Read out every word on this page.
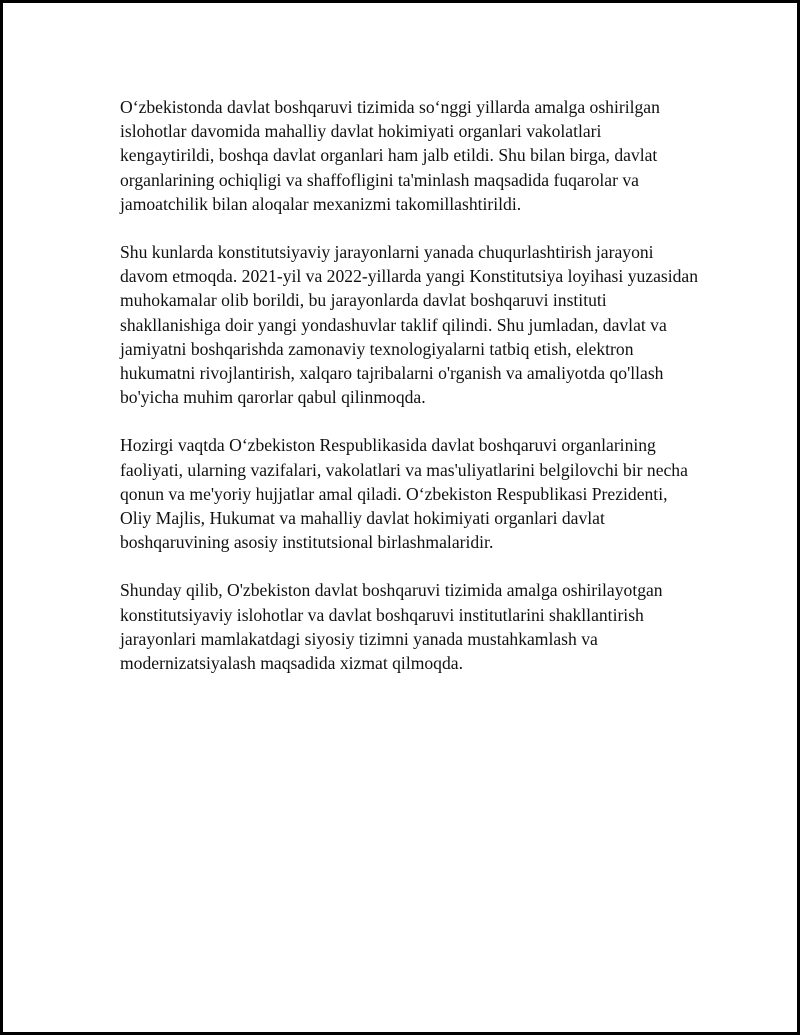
O‘zbekistonda davlat boshqaruvi tizimida so‘nggi yillarda amalga oshirilgan islohotlar davomida mahalliy davlat hokimiyati organlari vakolatlari kengaytirildi, boshqa davlat organlari ham jalb etildi. Shu bilan birga, davlat organlarining ochiqligi va shaffofligini ta'minlash maqsadida fuqarolar va jamoatchilik bilan aloqalar mexanizmi takomillashtirildi.

Shu kunlarda konstitutsiyaviy jarayonlarni yanada chuqurlashtirish jarayoni davom etmoqda. 2021-yil va 2022-yillarda yangi Konstitutsiya loyihasi yuzasidan muhokamalar olib borildi, bu jarayonlarda davlat boshqaruvi instituti shakllanishiga doir yangi yondashuvlar taklif qilindi. Shu jumladan, davlat va jamiyatni boshqarishda zamonaviy texnologiyalarni tatbiq etish, elektron hukumatni rivojlantirish, xalqaro tajribalarni o'rganish va amaliyotda qo'llash bo'yicha muhim qarorlar qabul qilinmoqda.

Hozirgi vaqtda O‘zbekiston Respublikasida davlat boshqaruvi organlarining faoliyati, ularning vazifalari, vakolatlari va mas'uliyatlarini belgilovchi bir necha qonun va me'yoriy hujjatlar amal qiladi. O‘zbekiston Respublikasi Prezidenti, Oliy Majlis, Hukumat va mahalliy davlat hokimiyati organlari davlat boshqaruvining asosiy institutsional birlashmalaridir.

Shunday qilib, O'zbekiston davlat boshqaruvi tizimida amalga oshirilayotgan konstitutsiyaviy islohotlar va davlat boshqaruvi institutlarini shakllantirish jarayonlari mamlakatdagi siyosiy tizimni yanada mustahkamlash va modernizatsiyalash maqsadida xizmat qilmoqda.
